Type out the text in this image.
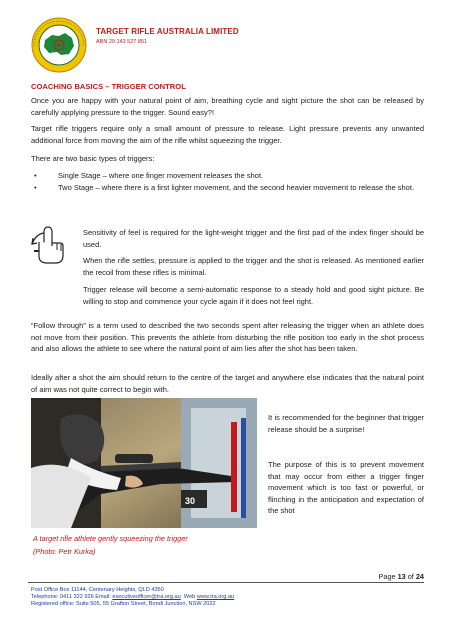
TARGET RIFLE AUSTRALIA LIMITED
ABN 29 143 527 851
COACHING BASICS – TRIGGER CONTROL
Once you are happy with your natural point of aim, breathing cycle and sight picture the shot can be released by carefully applying pressure to the trigger. Sound easy?!
Target rifle triggers require only a small amount of pressure to release. Light pressure prevents any unwanted additional force from moving the aim of the rifle whilst squeezing the trigger.
There are two basic types of triggers:
•	Single Stage – where one finger movement releases the shot.
•	Two Stage – where there is a first lighter movement, and the second heavier movement to release the shot.
Sensitivity of feel is required for the light-weight trigger and the first pad of the index finger should be used.
When the rifle settles, pressure is applied to the trigger and the shot is released. As mentioned earlier the recoil from these rifles is minimal.
Trigger release will become a semi-automatic response to a steady hold and good sight picture. Be willing to stop and commence your cycle again if it does not feel right.
“Follow through” is a term used to described the two seconds spent after releasing the trigger when an athlete does not move from their position. This prevents the athlete from disturbing the rifle position too early in the shot process and also allows the athlete to see where the natural point of aim lies after the shot has been taken.
Ideally after a shot the aim should return to the centre of the target and anywhere else indicates that the natural point of aim was not quite correct to begin with.
30
It is recommended for the beginner that trigger release should be a surprise!
The purpose of this is to prevent movement that may occur from either a trigger finger movement which is too fast or powerful, or flinching in the anticipation and expectation of the shot
A target rifle athlete gently squeezing the trigger
(Photo: Petr Kurka)
Page 13 of 24
Post Office Box 11144, Centenary Heights, QLD 4350
Telephone: 0411 322 926 Email: executiveofficer@tra.org.au  Web www.tra.org.au
Registered office: Suite 505, 55 Grafton Street, Bondi Junction, NSW 2022
